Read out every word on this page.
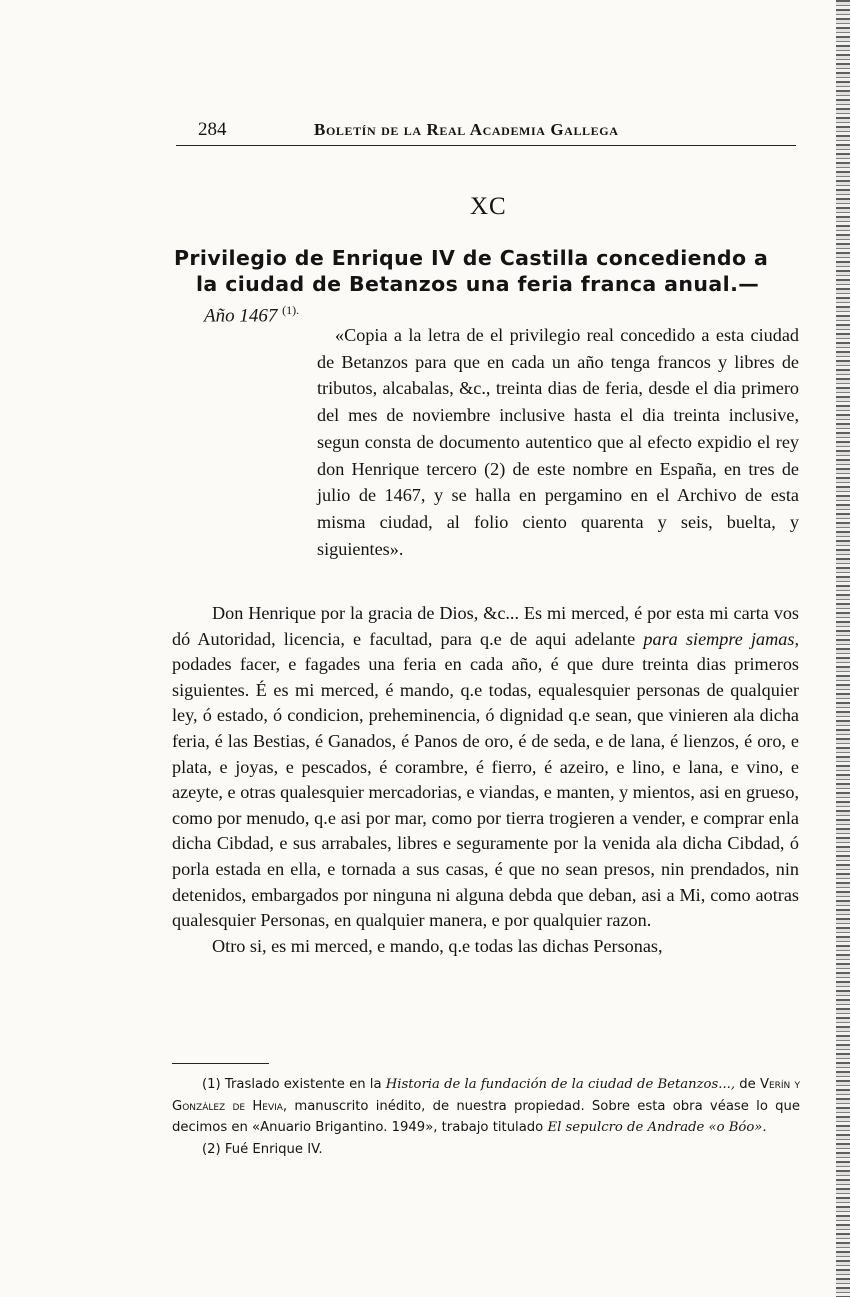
284	Boletín de la Real Academia Gallega
XC
Privilegio de Enrique IV de Castilla concediendo a
la ciudad de Betanzos una feria franca anual.—
Año 1467 $^{(1).}$
«Copia a la letra de el privilegio real concedido a esta ciudad de Betanzos para que en cada un año tenga francos y libres de tributos, alcabalas, &c., treinta dias de feria, desde el dia primero del mes de noviembre inclusive hasta el dia treinta inclusive, segun consta de documento autentico que al efecto expidio el rey don Henrique tercero (2) de este nombre en España, en tres de julio de 1467, y se halla en pergamino en el Archivo de esta misma ciudad, al folio ciento quarenta y seis, buelta, y siguientes».

Don Henrique por la gracia de Dios, &c... Es mi merced, é por esta mi carta vos dó Autoridad, licencia, e facultad, para q.e de aqui adelante para siempre jamas, podades facer, e fagades una feria en cada año, é que dure treinta dias primeros siguientes. É es mi merced, é mando, q.e todas, equalesquier personas de qualquier ley, ó estado, ó condicion, preheminencia, ó dignidad q.e sean, que vinieren ala dicha feria, é las Bestias, é Ganados, é Panos de oro, é de seda, e de lana, é lienzos, é oro, e plata, e joyas, e pescados, é corambre, é fierro, é azeiro, e lino, e lana, e vino, e azeyte, e otras qualesquier mercadorias, e viandas, e manten, y mientos, asi en grueso, como por menudo, q.e asi por mar, como por tierra trogieren a vender, e comprar enla dicha Cibdad, e sus arrabales, libres e seguramente por la venida ala dicha Cibdad, ó porla estada en ella, e tornada a sus casas, é que no sean presos, nin prendados, nin detenidos, embargados por ninguna ni alguna debda que deban, asi a Mi, como aotras qualesquier Personas, en qualquier manera, e por qualquier razon.

Otro si, es mi merced, e mando, q.e todas las dichas Personas,

(1) Traslado existente en la Historia de la fundación de la ciudad de Betanzos..., de Verín y González de Hevia, manuscrito inédito, de nuestra propiedad. Sobre esta obra véase lo que decimos en «Anuario Brigantino. 1949», trabajo titulado El sepulcro de Andrade «o Bóo».

(2) Fué Enrique IV.
